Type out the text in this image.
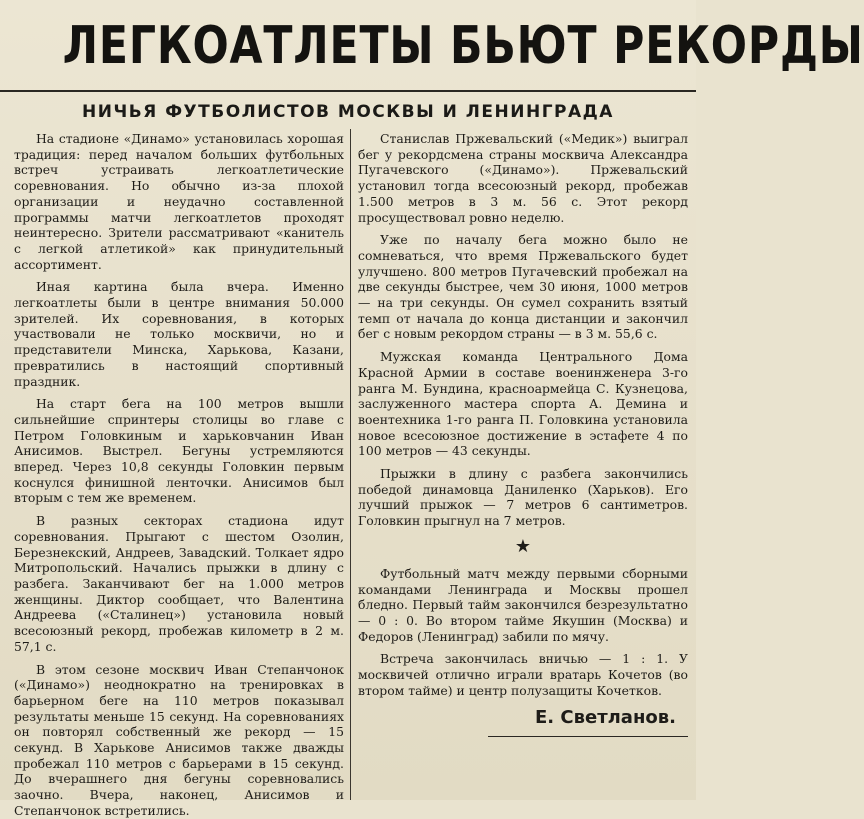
ЛЕГКОАТЛЕТЫ БЬЮТ РЕКОРДЫ
НИЧЬЯ ФУТБОЛИСТОВ МОСКВЫ И ЛЕНИНГРАДА

На стадионе «Динамо» установилась хорошая традиция: перед началом больших футбольных встреч устраивать легкоатлетические соревнования. Но обычно из-за плохой организации и неудачно составленной программы матчи легкоатлетов проходят неинтересно. Зрители рассматривают «канитель с легкой атлетикой» как принудительный ассортимент.

Иная картина была вчера. Именно легкоатлеты были в центре внимания 50.000 зрителей. Их соревнования, в которых участвовали не только москвичи, но и представители Минска, Харькова, Казани, превратились в настоящий спортивный праздник.

На старт бега на 100 метров вышли сильнейшие спринтеры столицы во главе с Петром Головкиным и харьковчанин Иван Анисимов. Выстрел. Бегуны устремляются вперед. Через 10,8 секунды Головкин первым коснулся финишной ленточки. Анисимов был вторым с тем же временем.

В разных секторах стадиона идут соревнования. Прыгают с шестом Озолин, Березнекский, Андреев, Завадский. Толкает ядро Митропольский. Начались прыжки в длину с разбега. Заканчивают бег на 1.000 метров женщины. Диктор сообщает, что Валентина Андреева («Сталинец») установила новый всесоюзный рекорд, пробежав километр в 2 м. 57,1 с.

В этом сезоне москвич Иван Степанчонок («Динамо») неоднократно на тренировках в барьерном беге на 110 метров показывал результаты меньше 15 секунд. На соревнованиях он повторял собственный же рекорд — 15 секунд. В Харькове Анисимов также дважды пробежал 110 метров с барьерами в 15 секунд. До вчерашнего дня бегуны соревновались заочно. Вчера, наконец, Анисимов и Степанчонок встретились.

Станислав Пржевальский («Медик») выиграл бег у рекордсмена страны москвича Александра Пугачевского («Динамо»). Пржевальский установил тогда всесоюзный рекорд, пробежав 1.500 метров в 3 м. 56 с. Этот рекорд просуществовал ровно неделю.

Уже по началу бега можно было не сомневаться, что время Пржевальского будет улучшено. 800 метров Пугачевский пробежал на две секунды быстрее, чем 30 июня, 1000 метров — на три секунды. Он сумел сохранить взятый темп от начала до конца дистанции и закончил бег с новым рекордом страны — в 3 м. 55,6 с.

Мужская команда Центрального Дома Красной Армии в составе военинженера 3-го ранга М. Бундина, красноармейца С. Кузнецова, заслуженного мастера спорта А. Демина и воентехника 1-го ранга П. Головкина установила новое всесоюзное достижение в эстафете 4 по 100 метров — 43 секунды.

Прыжки в длину с разбега закончились победой динамовца Даниленко (Харьков). Его лучший прыжок — 7 метров 6 сантиметров. Головкин прыгнул на 7 метров.

★

Футбольный матч между первыми сборными командами Ленинграда и Москвы прошел бледно. Первый тайм закончился безрезультатно — 0 : 0. Во втором тайме Якушин (Москва) и Федоров (Ленинград) забили по мячу.

Встреча закончилась вничью — 1 : 1. У москвичей отлично играли вратарь Кочетов (во втором тайме) и центр полузащиты Кочетков.

Е. Светланов.
